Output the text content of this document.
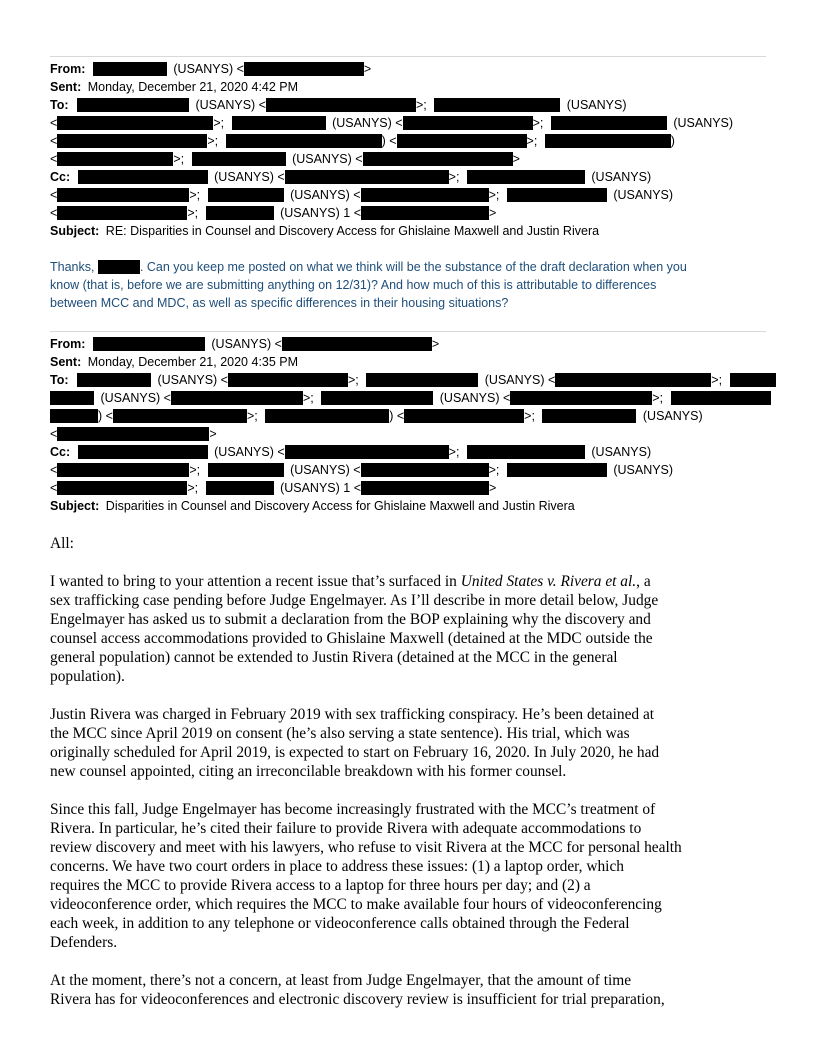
From:	(USANYS) <	>
Sent: Monday, December 21, 2020 4:42 PM
To:	(USANYS) <	>;	(USANYS)
<	>;	(USANYS) <	>;	(USANYS)
<	>;	) <	>;	)
<	>;	(USANYS) <	>
Cc:	(USANYS) <	>;	(USANYS)
<	>;	(USANYS) <	>;	(USANYS)
<	>;	(USANYS) 1 <	>
Subject: RE: Disparities in Counsel and Discovery Access for Ghislaine Maxwell and Justin Rivera
Thanks,	. Can you keep me posted on what we think will be the substance of the draft declaration when you
know (that is, before we are submitting anything on 12/31)? And how much of this is attributable to differences
between MCC and MDC, as well as specific differences in their housing situations?
From:	(USANYS) <	>
Sent: Monday, December 21, 2020 4:35 PM
To:	(USANYS) <	>;	(USANYS) <	>;
(USANYS) <	>;	(USANYS) <	>;
) <	>;	) <	>;	(USANYS)
<	>
Cc:	(USANYS) <	>;	(USANYS)
<	>;	(USANYS) <	>;	(USANYS)
<	>;	(USANYS) 1 <	>
Subject: Disparities in Counsel and Discovery Access for Ghislaine Maxwell and Justin Rivera
All:

I wanted to bring to your attention a recent issue that’s surfaced in United States v. Rivera et al., a
sex trafficking case pending before Judge Engelmayer. As I’ll describe in more detail below, Judge
Engelmayer has asked us to submit a declaration from the BOP explaining why the discovery and
counsel access accommodations provided to Ghislaine Maxwell (detained at the MDC outside the
general population) cannot be extended to Justin Rivera (detained at the MCC in the general
population).

Justin Rivera was charged in February 2019 with sex trafficking conspiracy. He’s been detained at
the MCC since April 2019 on consent (he’s also serving a state sentence). His trial, which was
originally scheduled for April 2019, is expected to start on February 16, 2020. In July 2020, he had
new counsel appointed, citing an irreconcilable breakdown with his former counsel.

Since this fall, Judge Engelmayer has become increasingly frustrated with the MCC’s treatment of
Rivera. In particular, he’s cited their failure to provide Rivera with adequate accommodations to
review discovery and meet with his lawyers, who refuse to visit Rivera at the MCC for personal health
concerns. We have two court orders in place to address these issues: (1) a laptop order, which
requires the MCC to provide Rivera access to a laptop for three hours per day; and (2) a
videoconference order, which requires the MCC to make available four hours of videoconferencing
each week, in addition to any telephone or videoconference calls obtained through the Federal
Defenders.

At the moment, there’s not a concern, at least from Judge Engelmayer, that the amount of time
Rivera has for videoconferences and electronic discovery review is insufficient for trial preparation,
